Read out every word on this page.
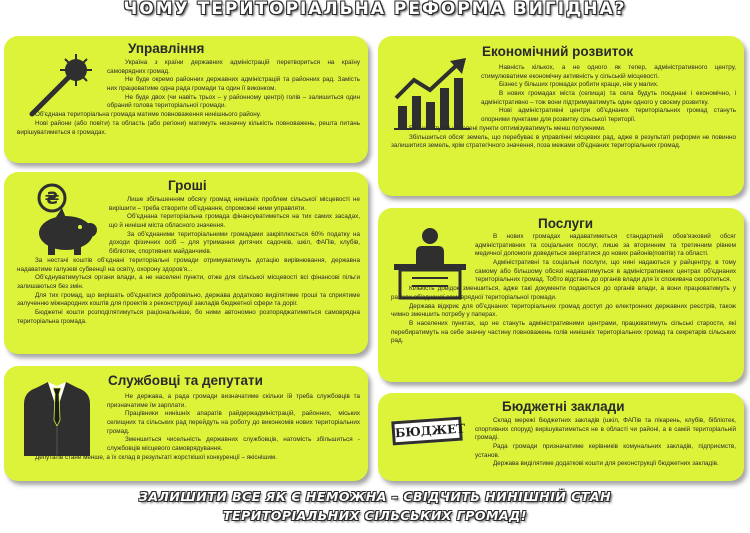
ЧОМУ ТЕРИТОРІАЛЬНА РЕФОРМА ВИГІДНА?
Управління

Україна з країни державних адміністрацій перетвориться на країну самоврядних громад.

Не буде окремо районних державних адміністрацій та районних рад. Замість них працюватиме одна рада громади та один її виконком.

Не буде двох (чи навіть трьох – у районному центрі) голів – залишиться один обраний голова територіальної громади.

Об'єднана територіальна громада матиме повноваження нинішнього району.

Нові райони (або повіти) та область (або регіони) матимуть незначну кількість повноважень, решта питань вирішуватиметься в громадах.

₴
Гроші

Лише збільшенням обсягу громад нинішніх проблем сільської місцевості не вирішити – треба створити об'єднання, спроможні ними управляти.

Об'єднана територіальна громада фінансуватиметься на тих самих засадах, що й нинішні міста обласного значення.

За об'єднаними територіальними громадами закріплюється 60% податку на доходи фізичних осіб – для утримання дитячих садочків, шкіл, ФАПів, клубів, бібліотек, спортивних майданчиків.

За нестачі коштів об'єднані територіальні громади отримуватимуть дотацію вирівнювання, державна надаватиме галузеві субвенції на освіту, охорону здоров'я...

Об'єднуватимуться органи влади, а не населені пункти, отже для сільської місцевості всі фінансові пільги залишаються без змін.

Для тих громад, що вирішать об'єднатися добровільно, держава додатково виділятиме гроші та сприятиме залученню міжнародних коштів для проектів з реконструкції закладів бюджетної сфери та доріг.

Бюджетні кошти розподілятимуться раціональніше, бо ними автономно розпоряджатиметься самоврядна територіальна громада.

Службовці та депутати

Не держава, а рада громади визначатиме скільки їй треба службовців та призначатиме їм зарплати.

Працівники нинішніх апаратів райдержадміністрацій, районних, міських селищних та сільських рад перейдуть на роботу до виконкомів нових територіальних громад.

Зменшиться чисельність державних службовців, натомість збільшиться - службовців місцевого самоврядування.

Депутатів стане менше, а їх склад в результаті жорсткішої конкуренції – якіснішим.

Економічний розвиток

Навність кількох, а не одного як тепер, адміністративного центру, стимулюватиме економічну активність у сільській місцевості.

Бізнес у більших громадах робити краще, ніж у малих.

В нових громадах міста (селища) та села будуть поєднані і економічно, і адміністративно – тож вони підтримуватимуть один одного у своєму розвитку.

Нові адміністративні центри об'єднаних територіальних громад стануть опорними пунктами для розвитку сільської території.

Більш потужні населені пункти оптимізуватимуть менш потужними.

Збільшиться обсяг земель, що перебуває в управлінні місцевих рад, адже в результаті реформи не повинно залишитися земель, крім стратегічного значення, поза межами об'єднаних територіальних громад.

Послуги

В нових громадах надаватиметься стандартний обов'язковий обсяг адміністративних та соціальних послуг, лише за вторинним та третинним рівнем медичної допомоги доведеться звертатися до нових районів(повітів) та області.

Адміністративні та соціальні послуги, що нині надаються у райцентру, в тому самому або більшому обсязі надаватимуться в адміністративних центрах об'єднаних територіальних громад. Тобто відстань до органів влади для їх споживача скоротиться.

Кількість довідок зменшиться, адже такі документи подаються до органів влади, а вони працюватимуть у рамках об'єднаної самоврядної територіальної громади.

Держава відкриє для об'єднаних територіальних громад доступ до електронних державних реєстрів, також чимно зменшить потребу у паперах.

В населених пунктах, що не стануть адміністративними центрами, працюватимуть сільські старости, які перебиратимуть на себе значну частину повноважень голів нинішніх територіальних громад та секретарів сільських рад.

БЮДЖЕТ
Бюджетні заклади

Склад мережі бюджетних закладів (шкіл, ФАПів та лікарень, клубів, бібліотек, спортивних споруд) вирішуватиметься не в області чи районі, а в самій територіальній громаді.

Рада громади призначатиме керівників комунальних закладів, підприємств, установ.

Держава виділятиме додаткові кошти для реконструкції бюджетних закладів.

ЗАЛИШИТИ ВСЕ ЯК Є НЕМОЖНА – СВІДЧИТЬ НИНІШНІЙ СТАН
ТЕРИТОРІАЛЬНИХ СІЛЬСЬКИХ ГРОМАД!
